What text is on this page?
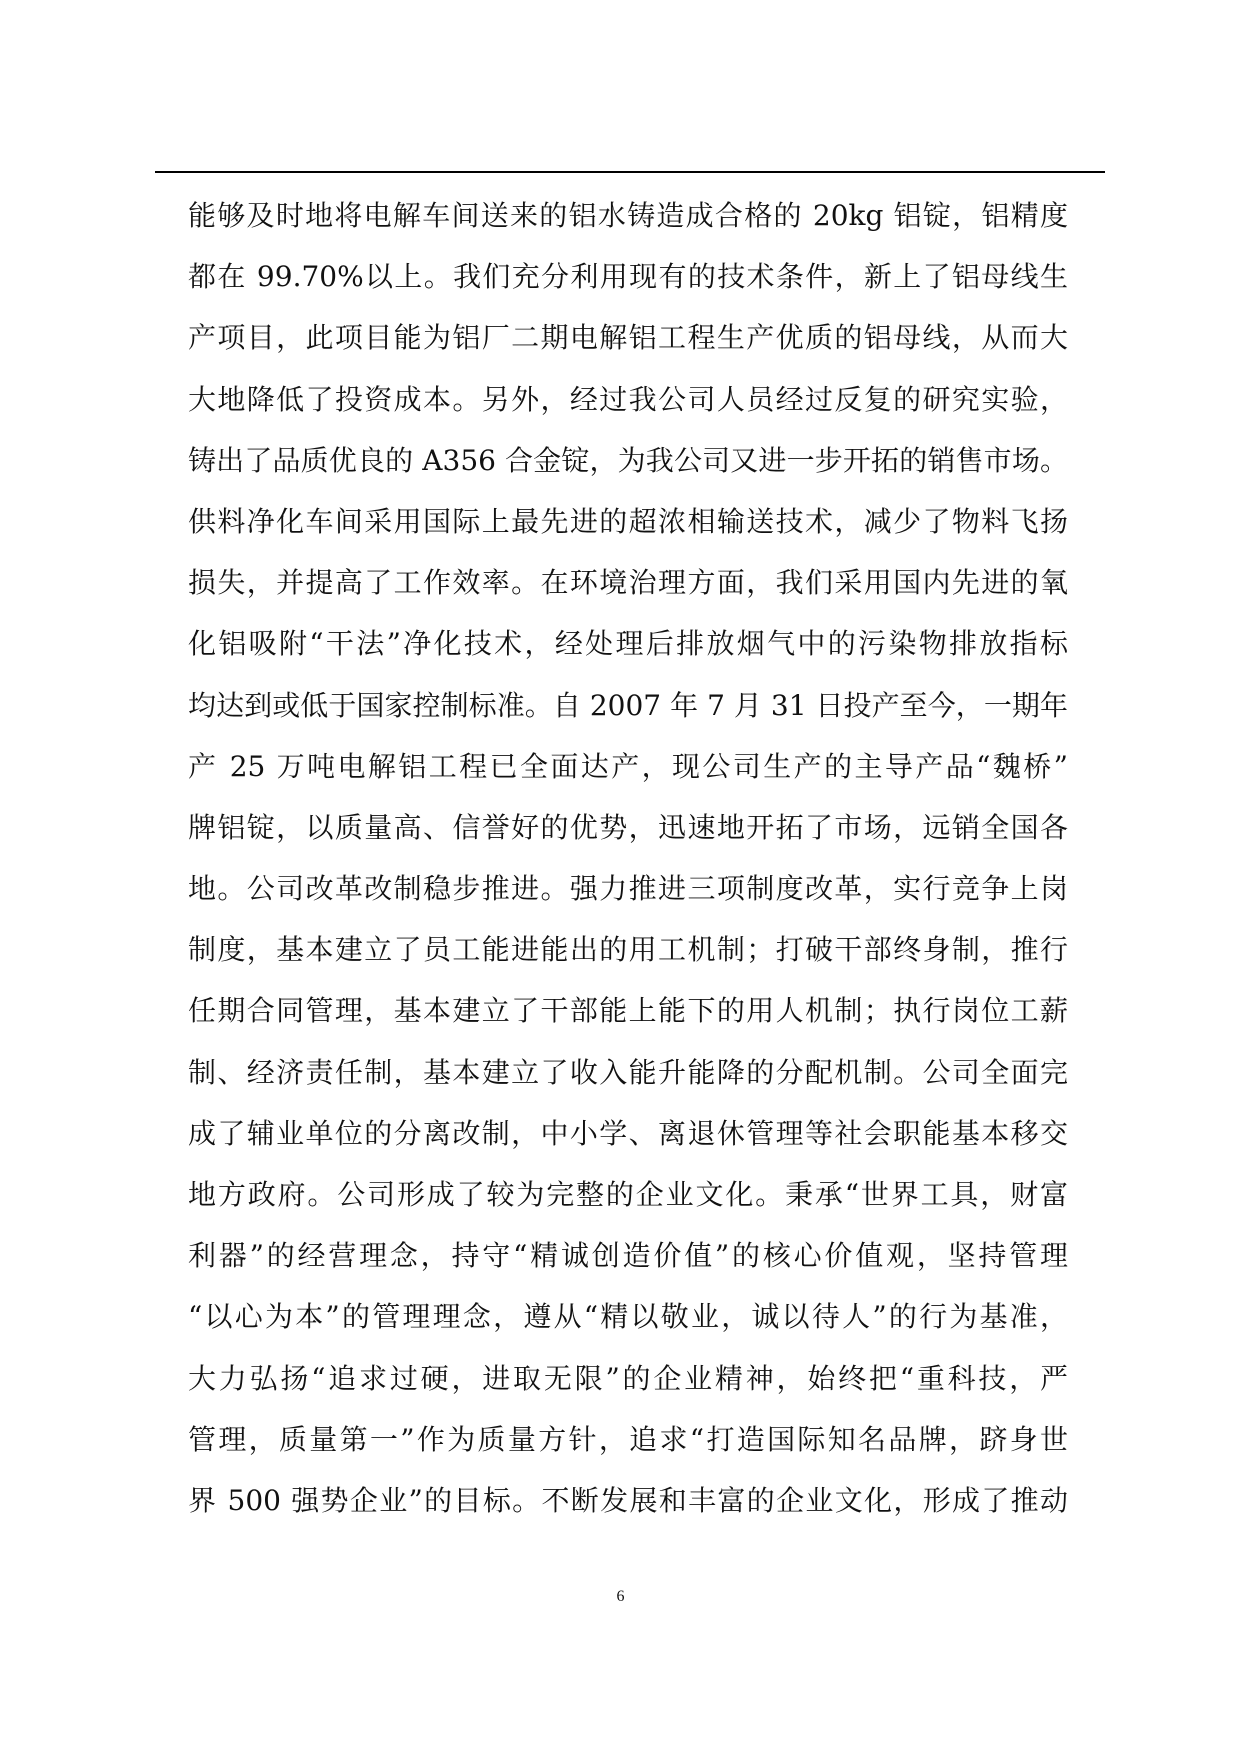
能够及时地将电解车间送来的铝水铸造成合格的 20kg 铝锭，铝精度
都在 99.70%以上。我们充分利用现有的技术条件，新上了铝母线生
产项目，此项目能为铝厂二期电解铝工程生产优质的铝母线，从而大
大地降低了投资成本。另外，经过我公司人员经过反复的研究实验，
铸出了品质优良的 A356 合金锭，为我公司又进一步开拓的销售市场。
供料净化车间采用国际上最先进的超浓相输送技术，减少了物料飞扬
损失，并提高了工作效率。在环境治理方面，我们采用国内先进的氧
化铝吸附“干法”净化技术，经处理后排放烟气中的污染物排放指标
均达到或低于国家控制标准。自 2007 年 7 月 31 日投产至今，一期年
产 25 万吨电解铝工程已全面达产，现公司生产的主导产品“魏桥”
牌铝锭，以质量高、信誉好的优势，迅速地开拓了市场，远销全国各
地。公司改革改制稳步推进。强力推进三项制度改革，实行竞争上岗
制度，基本建立了员工能进能出的用工机制；打破干部终身制，推行
任期合同管理，基本建立了干部能上能下的用人机制；执行岗位工薪
制、经济责任制，基本建立了收入能升能降的分配机制。公司全面完
成了辅业单位的分离改制，中小学、离退休管理等社会职能基本移交
地方政府。公司形成了较为完整的企业文化。秉承“世界工具，财富
利器”的经营理念，持守“精诚创造价值”的核心价值观，坚持管理
“以心为本”的管理理念，遵从“精以敬业，诚以待人”的行为基准，
大力弘扬“追求过硬，进取无限”的企业精神，始终把“重科技，严
管理，质量第一”作为质量方针，追求“打造国际知名品牌，跻身世
界 500 强势企业”的目标。不断发展和丰富的企业文化，形成了推动
6
